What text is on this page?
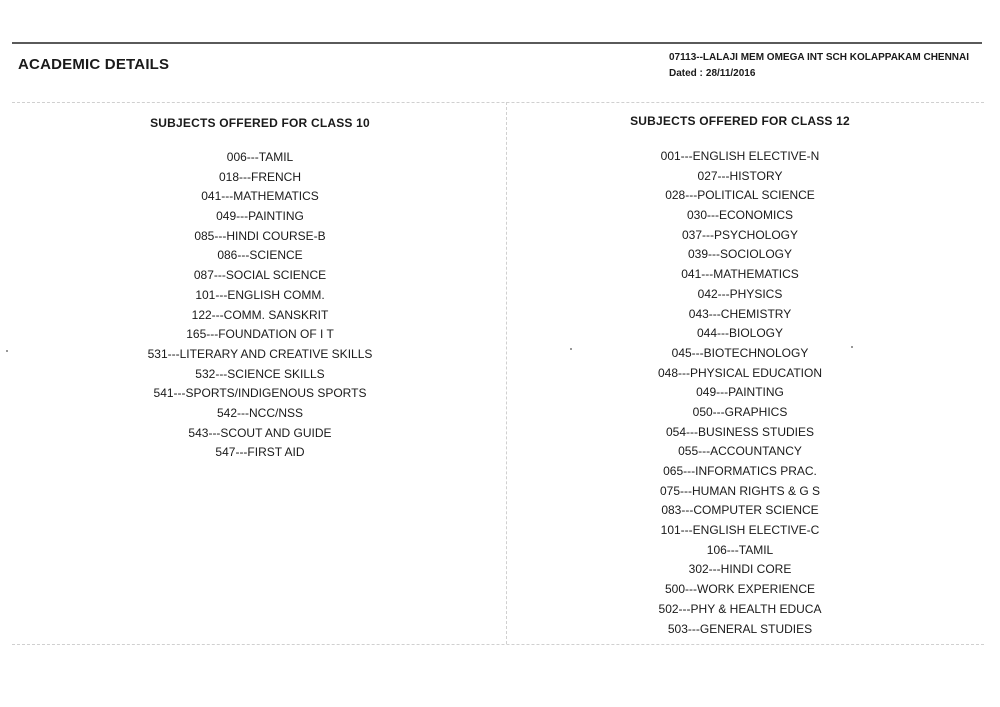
ACADEMIC DETAILS	07113--LALAJI MEM OMEGA INT SCH KOLAPPAKAM CHENNAI
Dated : 28/11/2016
SUBJECTS OFFERED FOR CLASS 10
006---TAMIL
018---FRENCH
041---MATHEMATICS
049---PAINTING
085---HINDI COURSE-B
086---SCIENCE
087---SOCIAL SCIENCE
101---ENGLISH COMM.
122---COMM. SANSKRIT
165---FOUNDATION OF I T
531---LITERARY AND CREATIVE SKILLS
532---SCIENCE SKILLS
541---SPORTS/INDIGENOUS SPORTS
542---NCC/NSS
543---SCOUT AND GUIDE
547---FIRST AID
SUBJECTS OFFERED FOR CLASS 12
001---ENGLISH ELECTIVE-N
027---HISTORY
028---POLITICAL SCIENCE
030---ECONOMICS
037---PSYCHOLOGY
039---SOCIOLOGY
041---MATHEMATICS
042---PHYSICS
043---CHEMISTRY
044---BIOLOGY
045---BIOTECHNOLOGY
048---PHYSICAL EDUCATION
049---PAINTING
050---GRAPHICS
054---BUSINESS STUDIES
055---ACCOUNTANCY
065---INFORMATICS PRAC.
075---HUMAN RIGHTS & G S
083---COMPUTER SCIENCE
101---ENGLISH ELECTIVE-C
106---TAMIL
302---HINDI CORE
500---WORK EXPERIENCE
502---PHY & HEALTH EDUCA
503---GENERAL STUDIES
